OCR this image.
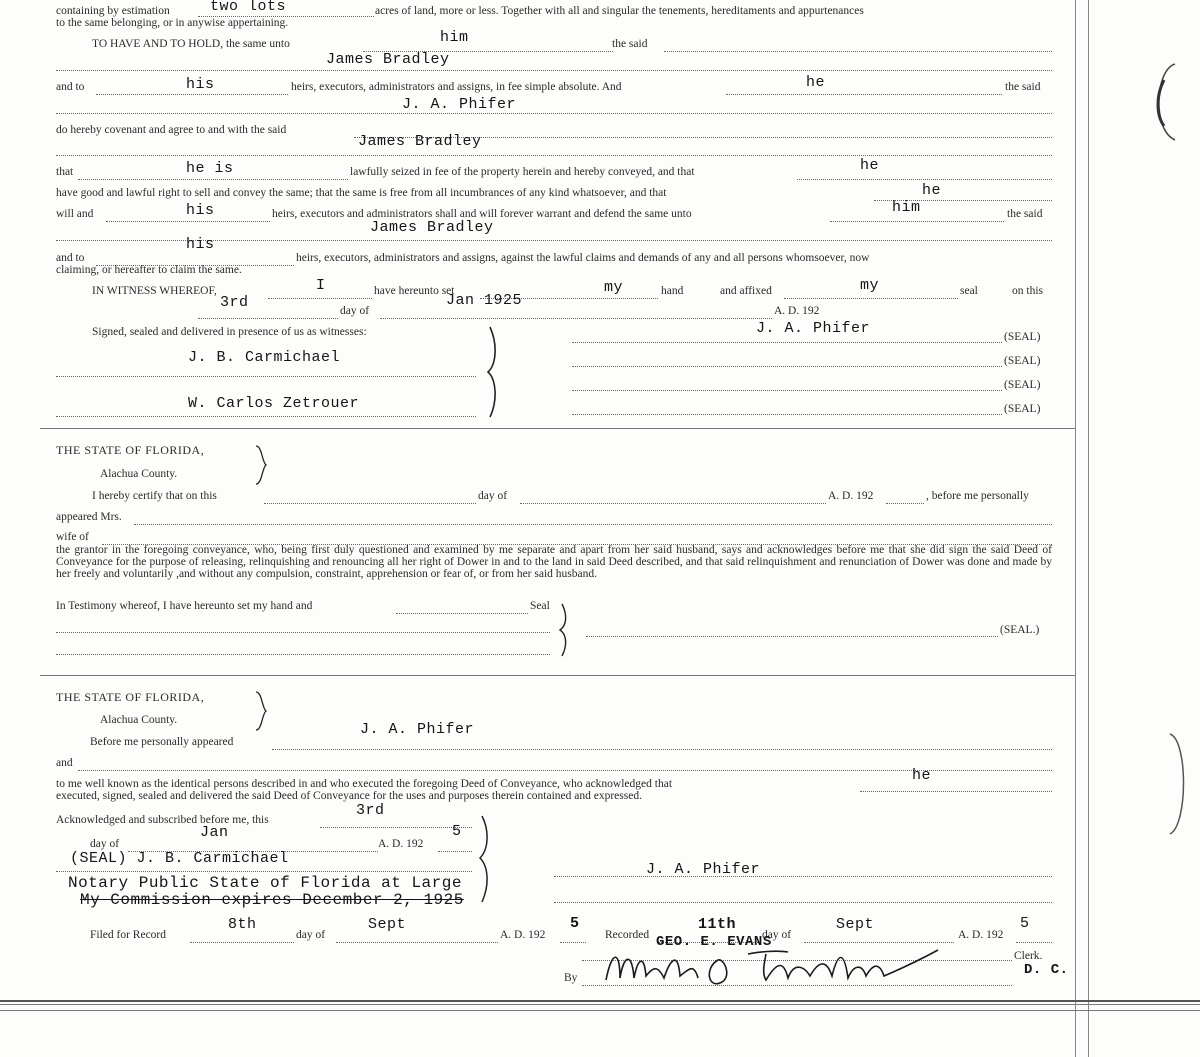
containing by estimation	two lots	acres of land, more or less. Together with all and singular the tenements, hereditaments and appurtenances
to the same belonging, or in anywise appertaining.
TO HAVE AND TO HOLD, the same unto	him	the said
James Bradley
and to	his	heirs, executors, administrators and assigns, in fee simple absolute. And	he	the said
J. A. Phifer
do hereby covenant and agree to and with the said
James Bradley
that	he is	lawfully seized in fee of the property herein and hereby conveyed, and that	he
have good and lawful right to sell and convey the same; that the same is free from all incumbrances of any kind whatsoever, and that	he
will and	his	heirs, executors and administrators shall and will forever warrant and defend the same unto	him	the said
James Bradley
and to
his
heirs, executors, administrators and assigns, against the lawful claims and demands of any and all persons whomsoever, now
claiming, or hereafter to claim the same.
IN WITNESS WHEREOF,	I	have hereunto set	my	hand	and affixed	my	seal	on this
3rd	day of
Jan 1925
A. D. 192
Signed, sealed and delivered in presence of us as witnesses:
J. B. Carmichael
W. Carlos Zetrouer
J. A. Phifer	(SEAL)
(SEAL)
(SEAL)
(SEAL)
THE STATE OF FLORIDA,
Alachua County.
I hereby certify that on this	day of	A. D. 192	, before me personally
appeared Mrs.
wife of
the grantor in the foregoing conveyance, who, being first duly questioned and examined by me separate and apart from her said husband, says and acknowledges before me that she did sign the said Deed of Conveyance for the purpose of releasing, relinquishing and renouncing all her right of Dower in and to the land in said Deed described, and that said relinquishment and renunciation of Dower was done and made by her freely and voluntarily ,and without any compulsion, constraint, apprehension or fear of, or from her said husband.
In Testimony whereof, I have hereunto set my hand and	Seal
(SEAL.)
THE STATE OF FLORIDA,
Alachua County.
Before me personally appeared
J. A. Phifer
and
to me well known as the identical persons described in and who executed the foregoing Deed of Conveyance, who acknowledged that	he
executed, signed, sealed and delivered the said Deed of Conveyance for the uses and purposes therein contained and expressed.
Acknowledged and subscribed before me, this
3rd
day of
Jan
A. D. 192
5
(SEAL) J. B. Carmichael
Notary Public State of Florida at Large
My Commission expires December 2, 1925
J. A. Phifer
Filed for Record
8th
day of
Sept
A. D. 192
5
Recorded
11th
day of
Sept
A. D. 192
5
GEO. E. EVANS
Clerk.
By	D. C.
